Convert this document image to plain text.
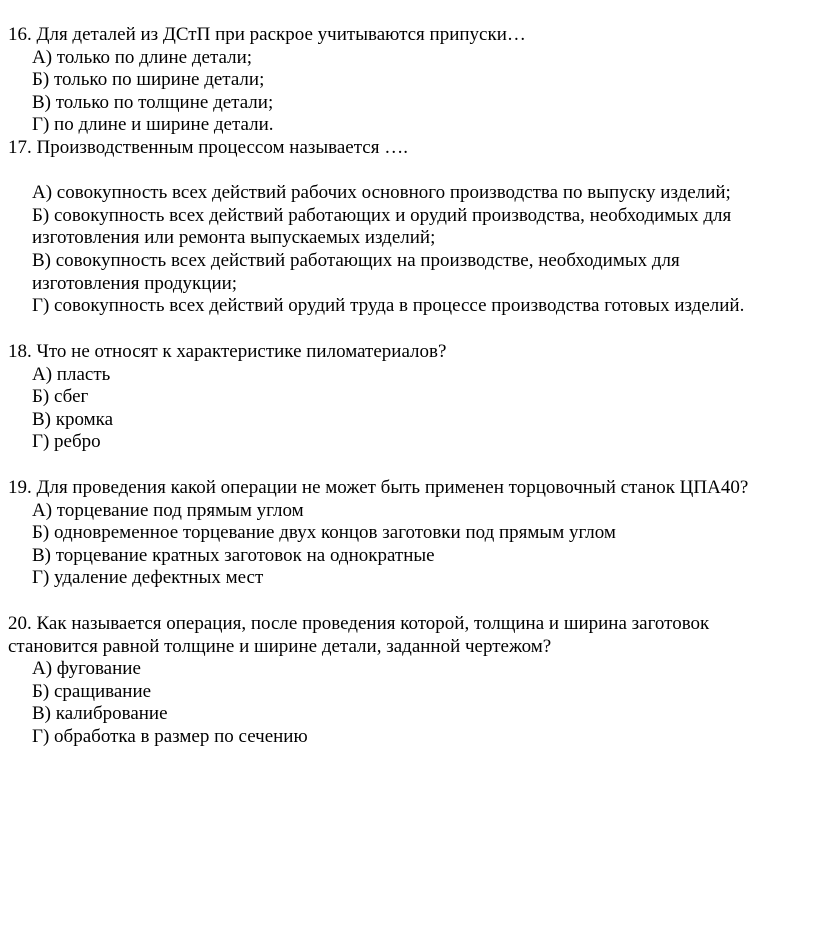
16. Для деталей из ДСтП при раскрое учитываются припуски…

А) только по длине детали;
Б) только по ширине детали;
В) только по толщине детали;
Г) по длине и ширине детали.

17. Производственным процессом называется ….

А) совокупность всех действий рабочих основного производства по выпуску изделий;
Б) совокупность всех действий работающих и орудий производства, необходимых для изготовления или ремонта выпускаемых изделий;
В) совокупность всех действий работающих на производстве, необходимых для изготовления продукции;
Г) совокупность всех действий орудий труда в процессе производства готовых изделий.

18. Что не относят к характеристике пиломатериалов?

А) пласть
Б) сбег
В) кромка
Г) ребро

19. Для проведения какой операции не может быть применен торцовочный станок ЦПА40?

А) торцевание под прямым углом
Б) одновременное торцевание двух концов заготовки под прямым углом
В) торцевание кратных заготовок на однократные
Г) удаление дефектных мест

20. Как называется операция, после проведения которой, толщина и ширина заготовок становится равной толщине и ширине детали, заданной чертежом?

А) фугование
Б) сращивание
В) калибрование
Г) обработка в размер по сечению
